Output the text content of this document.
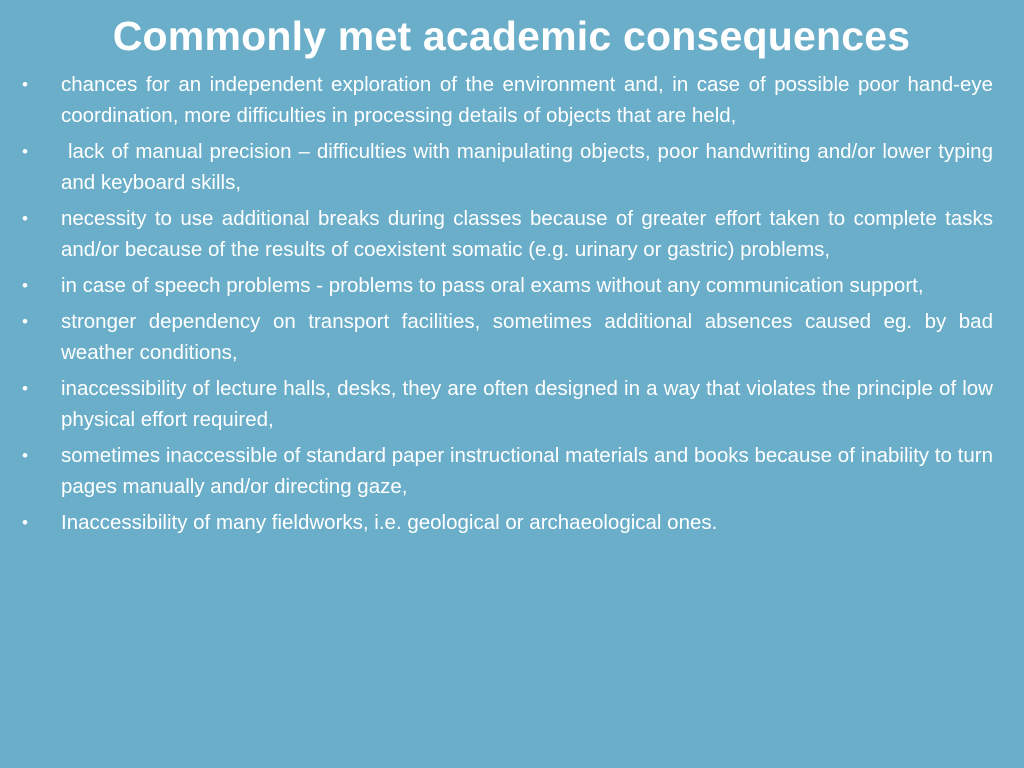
Commonly met academic consequences
•	chances for an independent exploration of the environment and, in case of possible poor hand-eye coordination, more difficulties in processing details of objects that are held,
•	lack of manual precision – difficulties with manipulating objects, poor handwriting and/or lower typing and keyboard skills,
•	necessity to use additional breaks during classes because of greater effort taken to complete tasks and/or because of the results of coexistent somatic (e.g. urinary or gastric) problems,
•	in case of speech problems - problems to pass oral exams without any communication support,
•	stronger dependency on transport facilities, sometimes additional absences caused eg. by bad weather conditions,
•	inaccessibility of lecture halls, desks, they are often designed in a way that violates the principle of low physical effort required,
•	sometimes inaccessible of standard paper instructional materials and books because of inability to turn pages manually and/or directing gaze,
•	Inaccessibility of many fieldworks, i.e. geological or archaeological ones.
